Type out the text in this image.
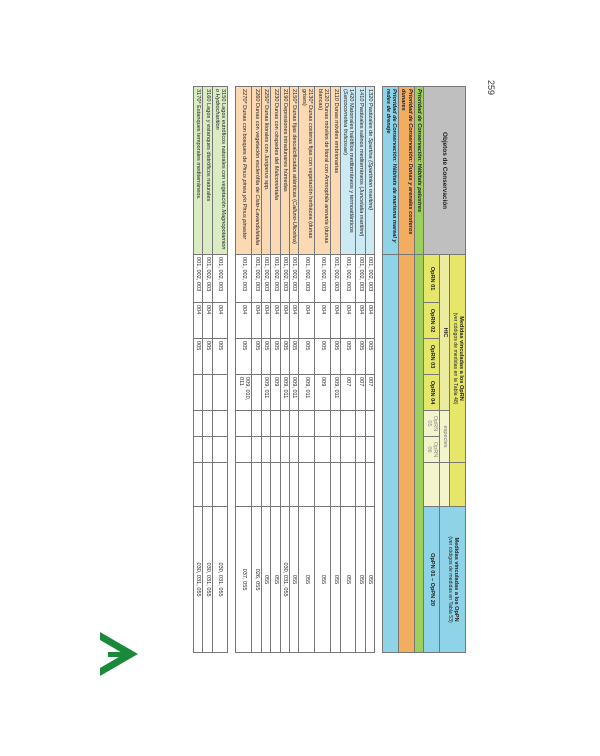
259
Objetos de Conservación	Medidas vinculadas a los OpRN
(ver códigos de medidas en la Tabla 48)							Medidas vinculadas a los OpPN
(ver códigos de medidas en Tabla 53)
	HIC				especies			
	OpRN 01	OpRN 02	OpRN 03	OpRN 04	OpRN 05	OpRN 06		OpPN 01 – OpPN 20
Prioridad de Conservación: Hábitats palustres								
Prioridad de Conservación: Dunas y arenales costeros dunares								
Prioridad de Conservación: Hábitats de marisma mareal y redes de drenaje								

1320 Pastizales de Spartina (Spartinion maritimi)	001, 002, 003	004	005	007				055
1410 Pastizales salinos mediterráneos (Juncetalia maritimi)	001, 002, 003	004	005	007				055
1420 Matorrales halófilos mediterráneos y termoatlánticos (Sarcocornetea fruticosae)	001, 002, 003	004	005	007				055
2110 Dunas móviles embrionarias	001, 002, 003	004	005	009, 011				055
2120 Dunas móviles de litoral con Ammophila arenaria (dunas blancas)	001, 002, 003	004	005	009				055
2130* Dunas costeras fijas con vegetación herbácea (dunas grises)	001, 002, 003	004	005	009, 011				055
2150* Dunas fijas descalcificadas atlánticas (Calluno-Ulicetea)	001, 002, 003	004	005	009, 011				055
2190 Depresiones intradunares húmedas	001, 002, 003	004	005	009, 011				030, 031, 055
2230 Dunas con céspedes del Malcomietalia	001, 002, 003	004	005	009				055
2250* Dunas litorales con Juniperus spp.	001, 002, 003	004	005	009, 011				055
2260 Dunas con vegetación esclerófila de Cisto-Lavanduletalia	001, 002, 003	004	005					026, 055
2270* Dunas con bosques de Pinus pinea y/o Pinus pinaster	001, 002, 003	004	005	009, 010, 011				037, 055

3150 Lagos eutróficos naturales con vegetación Magnopotamion o Hydrocharition	001, 002, 003	004	005					030, 031, 055
3160 Lagos y estanques distróficos naturales	001, 002, 003	004	005					030, 031, 055
3170* Estanques temporales mediterráneos.	001, 002, 003	004	005					030, 031, 055
